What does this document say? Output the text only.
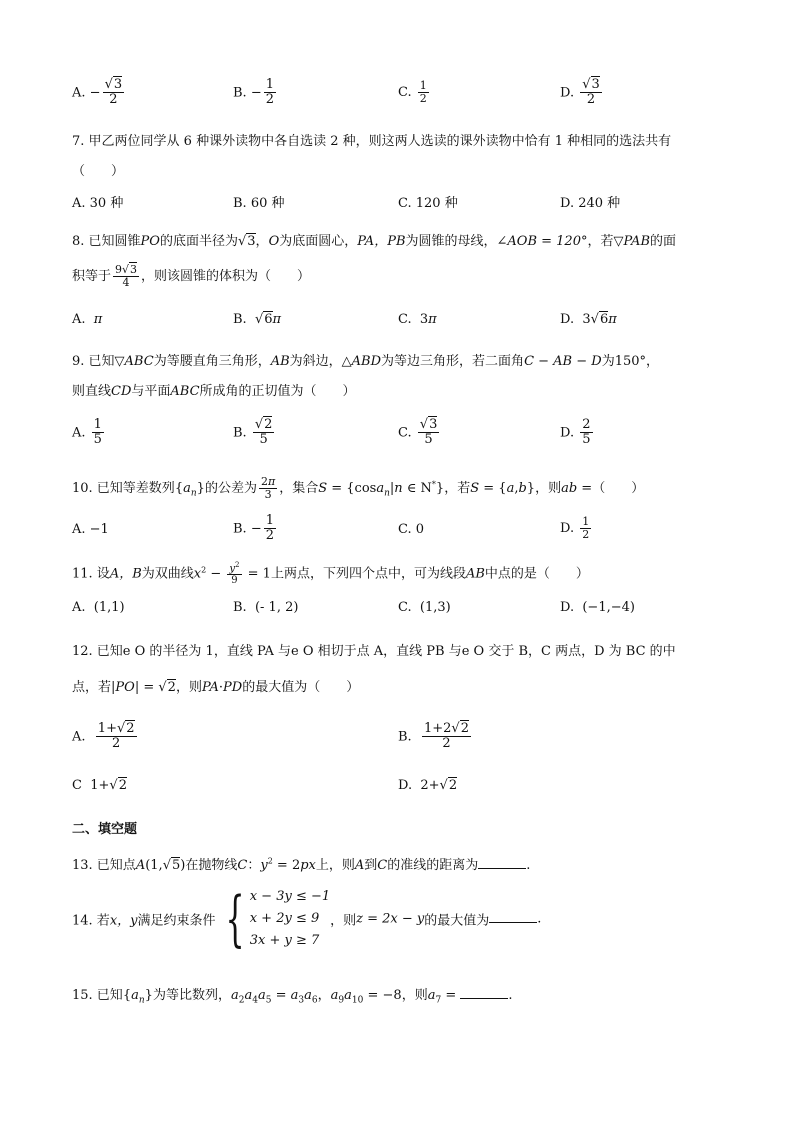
A. − $\frac{√3}{2}$	B. − $\frac{1}{2}$	C. $\frac{1}{2}$	D. $\frac{√3}{2}$
7. 甲乙两位同学从 6 种课外读物中各自选读 2 种，则这两人选读的课外读物中恰有 1 种相同的选法共有
（　　）
A. 30 种	B. 60 种	C. 120 种	D. 240 种
8. 已知圆锥PO的底面半径为√3，O为底面圆心，PA，PB为圆锥的母线，∠AOB = 120°，若▽PAB的面
积等于 $\frac{9√3}{4}$ ，则该圆锥的体积为（　　）
A. π	B. √6π	C.  3π	D.  3√6π
9. 已知▽ABC为等腰直角三角形，AB为斜边，△ABD为等边三角形，若二面角C − AB − D为150°，
则直线CD与平面ABC所成角的正切值为（　　）
A. $\frac{1}{5}$	B. $\frac{√2}{5}$	C. $\frac{√3}{5}$	D. $\frac{2}{5}$
10. 已知等差数列$\{a_n\}$的公差为 $\frac{2\pi}{3}$ ，集合S = {cosa$_n$|n ∈ N*}，若S = {a,b}，则ab =（　　）
A. −1	B. − $\frac{1}{2}$	C. 0	D. $\frac{1}{2}$
11. 设A，B为双曲线$x^2 - \frac{y^2}{9} = 1$上两点，下列四个点中，可为线段AB中点的是（　　）
A. (1,1)	B. (- 1, 2)	C. (1,3)	D. (−1,−4)
12. 已知e O 的半径为 1，直线 PA 与e O 相切于点 A，直线 PB 与e O 交于 B，C 两点，D 为 BC 的中
点，若|PO| = √2，则PA·PD的最大值为（　　）
A. $\frac{1+√2}{2}$	B. $\frac{1+2√2}{2}$
C  1+√2	D.  2+√2
二、填空题
13. 已知点A(1,√5)在抛物线C：$y^2 = 2px$上，则A到C的准线的距离为	.
14. 若x，y满足约束条件 { x − 3y ≤ −1
x + 2y ≤ 9
3x + y ≥ 7
，则z = 2x − y的最大值为	.
15. 已知$\{a_n\}$为等比数列，$a_2a_4a_5 = a_3a_6$，$a_9a_{10} = -8$，则$a_7$ =	.
